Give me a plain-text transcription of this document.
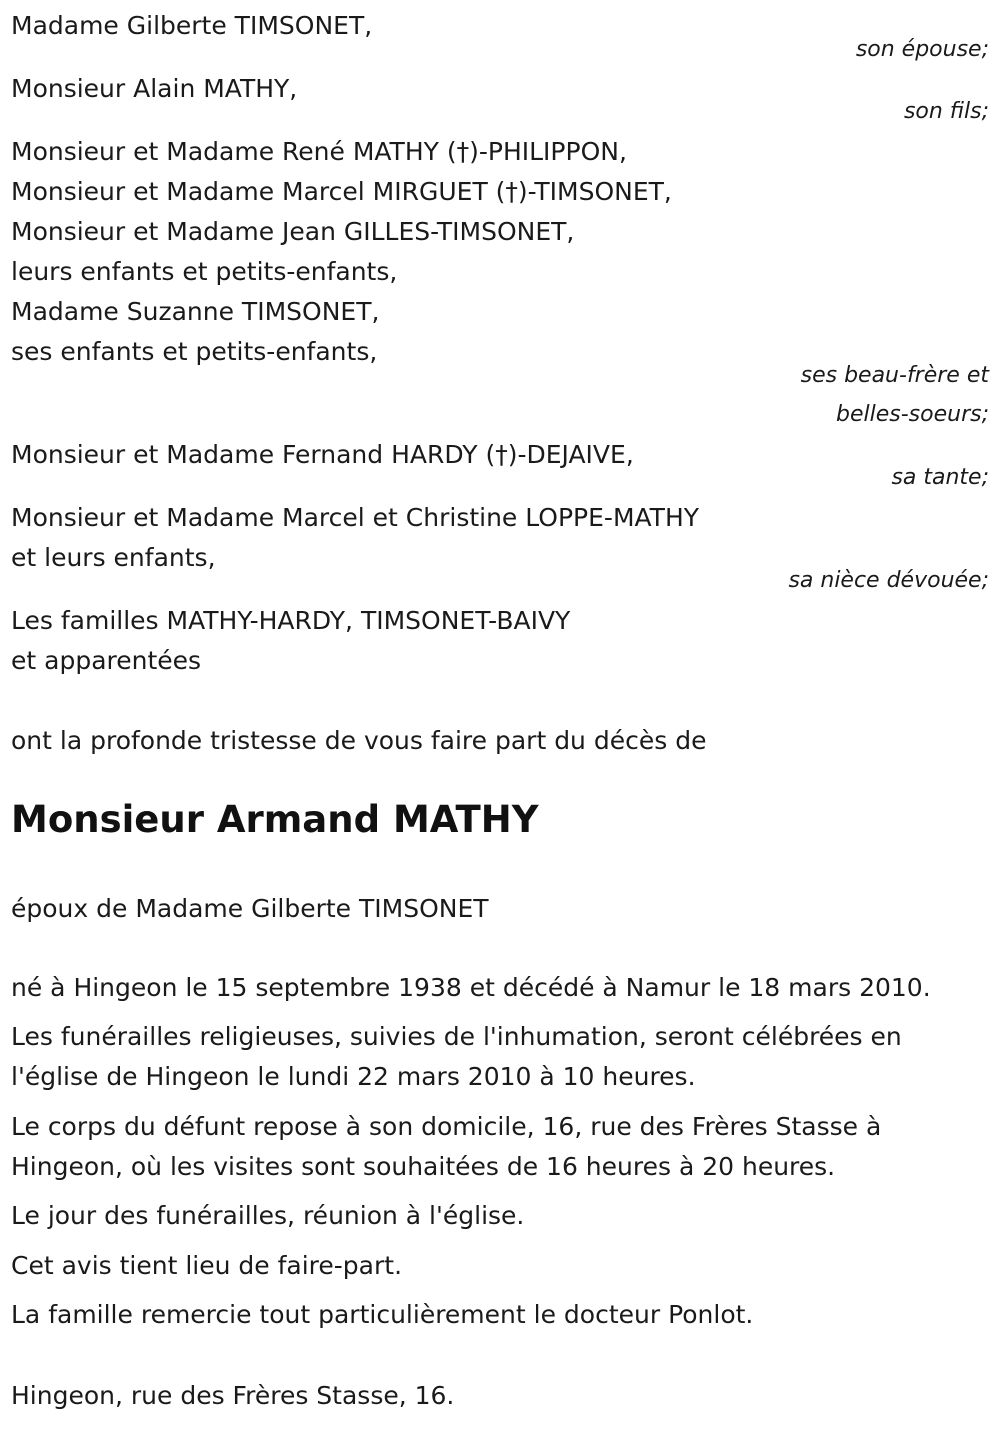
Madame Gilberte TIMSONET,
son épouse;
Monsieur Alain MATHY,
son fils;
Monsieur et Madame René MATHY (†)-PHILIPPON,
Monsieur et Madame Marcel MIRGUET (†)-TIMSONET,
Monsieur et Madame Jean GILLES-TIMSONET,
leurs enfants et petits-enfants,
Madame Suzanne TIMSONET,
ses enfants et petits-enfants,
ses beau-frère et
belles-soeurs;
Monsieur et Madame Fernand HARDY (†)-DEJAIVE,
sa tante;
Monsieur et Madame Marcel et Christine LOPPE-MATHY
et leurs enfants,
sa nièce dévouée;
Les familles MATHY-HARDY, TIMSONET-BAIVY
et apparentées
ont la profonde tristesse de vous faire part du décès de
Monsieur Armand MATHY
époux de Madame Gilberte TIMSONET
né à Hingeon le 15 septembre 1938 et décédé à Namur le 18 mars 2010.
Les funérailles religieuses, suivies de l'inhumation, seront célébrées en
l'église de Hingeon le lundi 22 mars 2010 à 10 heures.
Le corps du défunt repose à son domicile, 16, rue des Frères Stasse à
Hingeon, où les visites sont souhaitées de 16 heures à 20 heures.
Le jour des funérailles, réunion à l'église.
Cet avis tient lieu de faire-part.
La famille remercie tout particulièrement le docteur Ponlot.
Hingeon, rue des Frères Stasse, 16.
